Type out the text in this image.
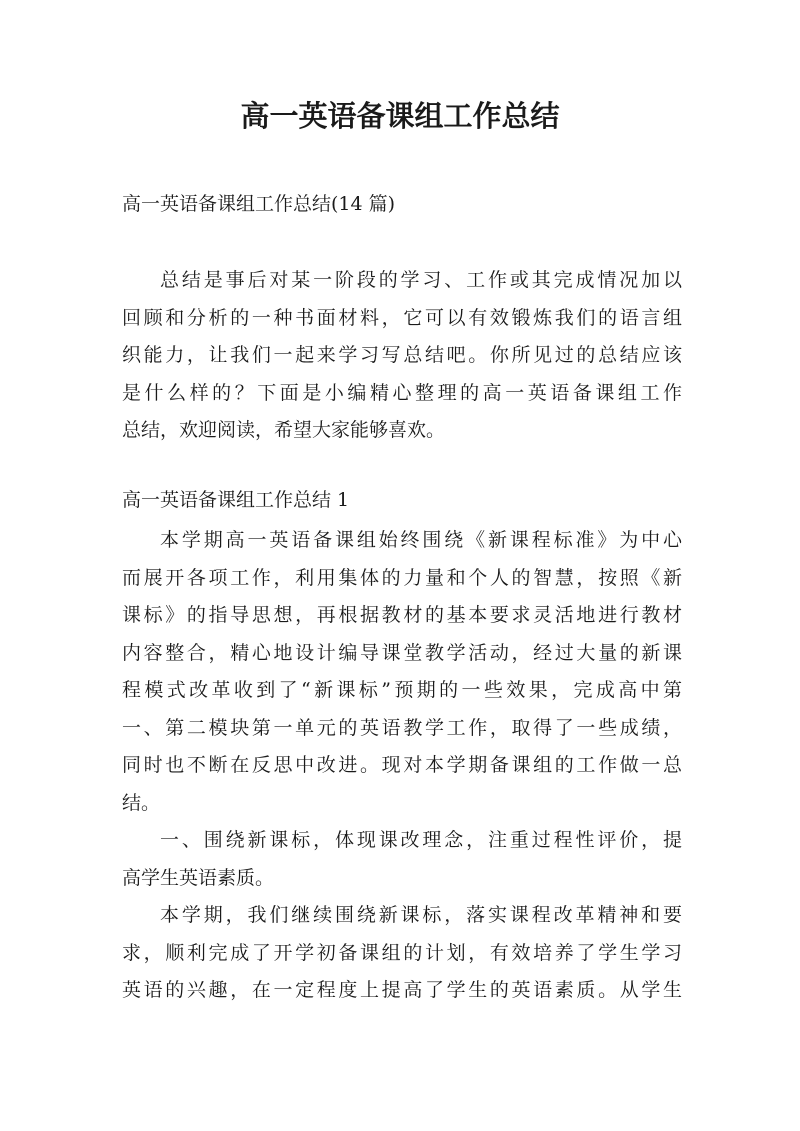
高一英语备课组工作总结

高一英语备课组工作总结(14 篇)

总结是事后对某一阶段的学习、工作或其完成情况加以
回顾和分析的一种书面材料，它可以有效锻炼我们的语言组
织能力，让我们一起来学习写总结吧。你所见过的总结应该
是什么样的？下面是小编精心整理的高一英语备课组工作
总结，欢迎阅读，希望大家能够喜欢。

高一英语备课组工作总结 1

本学期高一英语备课组始终围绕《新课程标准》为中心
而展开各项工作，利用集体的力量和个人的智慧，按照《新
课标》的指导思想，再根据教材的基本要求灵活地进行教材
内容整合，精心地设计编导课堂教学活动，经过大量的新课
程模式改革收到了“新课标”预期的一些效果，完成高中第
一、第二模块第一单元的英语教学工作，取得了一些成绩，
同时也不断在反思中改进。现对本学期备课组的工作做一总
结。
一、围绕新课标，体现课改理念，注重过程性评价，提
高学生英语素质。
本学期，我们继续围绕新课标，落实课程改革精神和要
求，顺利完成了开学初备课组的计划，有效培养了学生学习
英语的兴趣，在一定程度上提高了学生的英语素质。从学生
